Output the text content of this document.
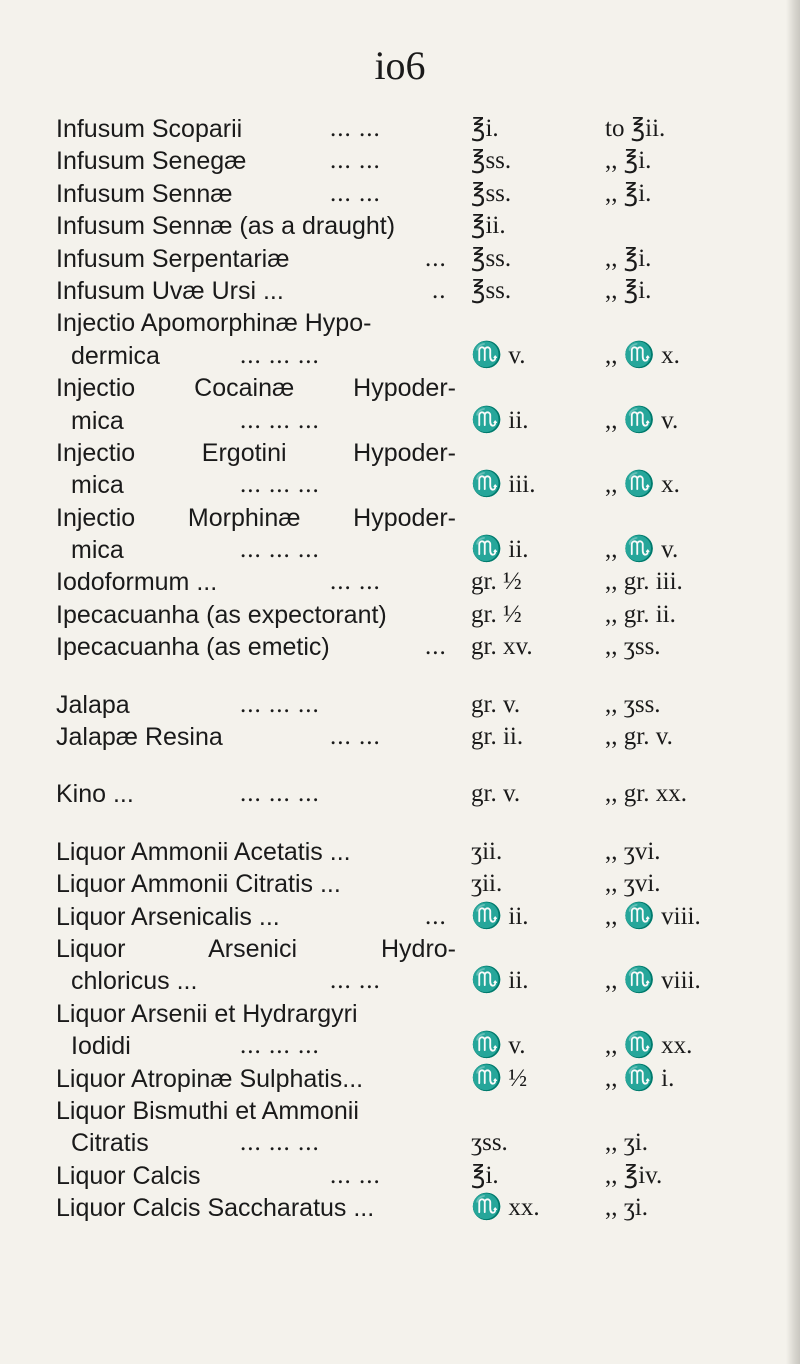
io6
Infusum Scoparii	... ...	℥i.	to ℥ii.
Infusum Senegæ	... ...	℥ss.	,, ℥i.
Infusum Sennæ	... ...	℥ss.	,, ℥i.
Infusum Sennæ (as a draught)	℥ii.
Infusum Serpentariæ	... ℥ss.	,, ℥i.
Infusum Uvæ Ursi ...	.. ℥ss.	,, ℥i.
Injectio Apomorphinæ Hypo-
dermica	... ... ...	♏ v.	,, ♏ x.
Injectio Cocainæ Hypoder-
mica	... ... ...	♏ ii.	,, ♏ v.
Injectio Ergotini Hypoder-
mica	... ... ...	♏ iii.	,, ♏ x.
Injectio Morphinæ Hypoder-
mica	... ... ...	♏ ii.	,, ♏ v.
Iodoformum ...	... ...	gr. ½	,, gr. iii.
Ipecacuanha (as expectorant)	gr. ½	,, gr. ii.
Ipecacuanha (as emetic)	... gr. xv.	,, ʒss.
Jalapa	... ... ...	gr. v.	,, ʒss.
Jalapæ Resina	... ...	gr. ii.	,, gr. v.
Kino ...	... ... ...	gr. v.	,, gr. xx.
Liquor Ammonii Acetatis ...	ʒii.	,, ʒvi.
Liquor Ammonii Citratis ...	ʒii.	,, ʒvi.
Liquor Arsenicalis ...	... ♏ ii.	,, ♏ viii.
Liquor Arsenici Hydro-
chloricus ...	... ...	♏ ii.	,, ♏ viii.
Liquor Arsenii et Hydrargyri
Iodidi	... ... ...	♏ v.	,, ♏ xx.
Liquor Atropinæ Sulphatis...	♏ ½	,, ♏ i.
Liquor Bismuthi et Ammonii
Citratis	... ... ...	ʒss.	,, ʒi.
Liquor Calcis	... ...	℥i.	,, ℥iv.
Liquor Calcis Saccharatus ...	♏ xx.	,, ʒi.
